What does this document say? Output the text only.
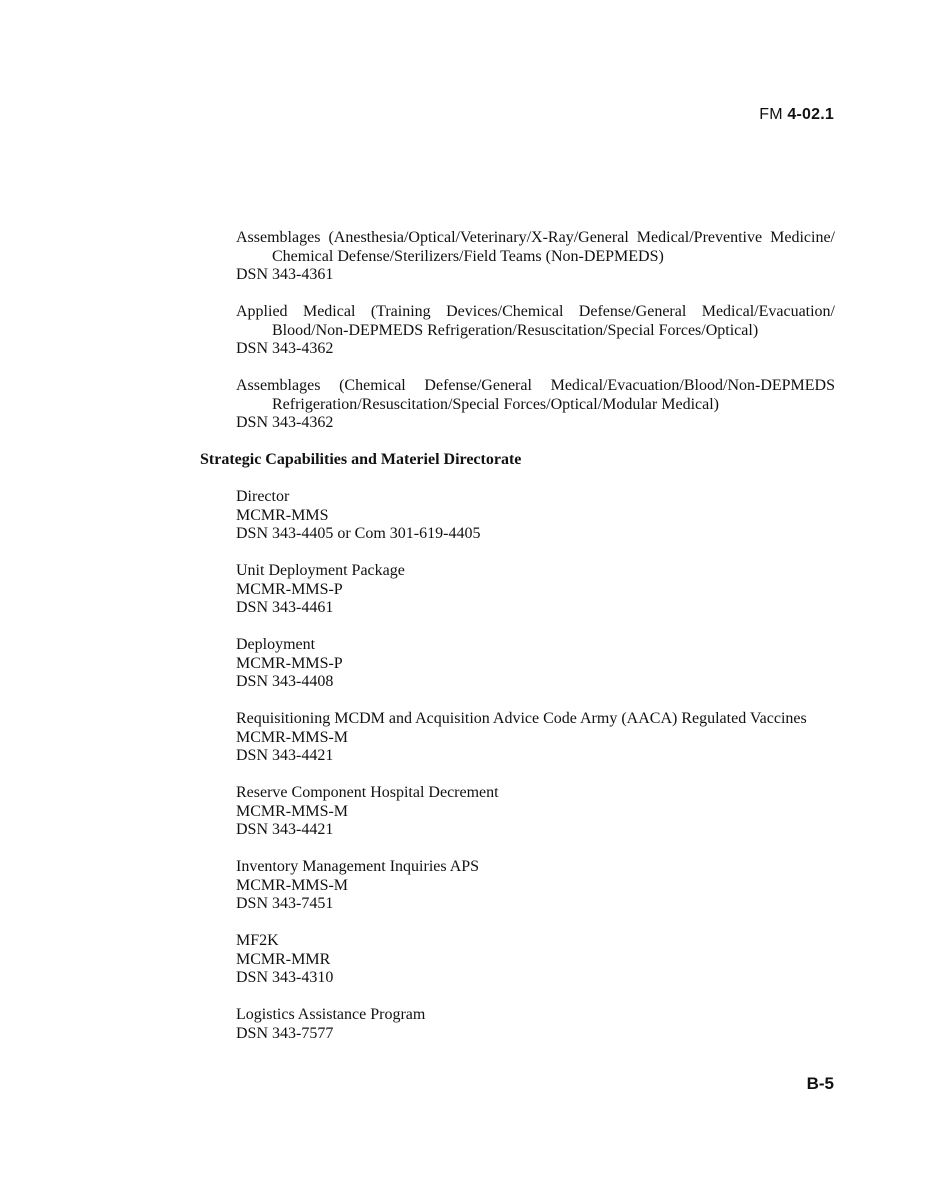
FM 4-02.1
Assemblages (Anesthesia/Optical/Veterinary/X-Ray/General Medical/Preventive Medicine/ Chemical Defense/Sterilizers/Field Teams (Non-DEPMEDS)
DSN 343-4361
Applied Medical (Training Devices/Chemical Defense/General Medical/Evacuation/ Blood/Non-DEPMEDS Refrigeration/Resuscitation/Special Forces/Optical)
DSN 343-4362
Assemblages (Chemical Defense/General Medical/Evacuation/Blood/Non-DEPMEDS Refrigeration/Resuscitation/Special Forces/Optical/Modular Medical)
DSN 343-4362
Strategic Capabilities and Materiel Directorate
Director
MCMR-MMS
DSN 343-4405 or Com 301-619-4405
Unit Deployment Package
MCMR-MMS-P
DSN 343-4461
Deployment
MCMR-MMS-P
DSN 343-4408
Requisitioning MCDM and Acquisition Advice Code Army (AACA) Regulated Vaccines
MCMR-MMS-M
DSN 343-4421
Reserve Component Hospital Decrement
MCMR-MMS-M
DSN 343-4421
Inventory Management Inquiries APS
MCMR-MMS-M
DSN 343-7451
MF2K
MCMR-MMR
DSN 343-4310
Logistics Assistance Program
DSN 343-7577
B-5
